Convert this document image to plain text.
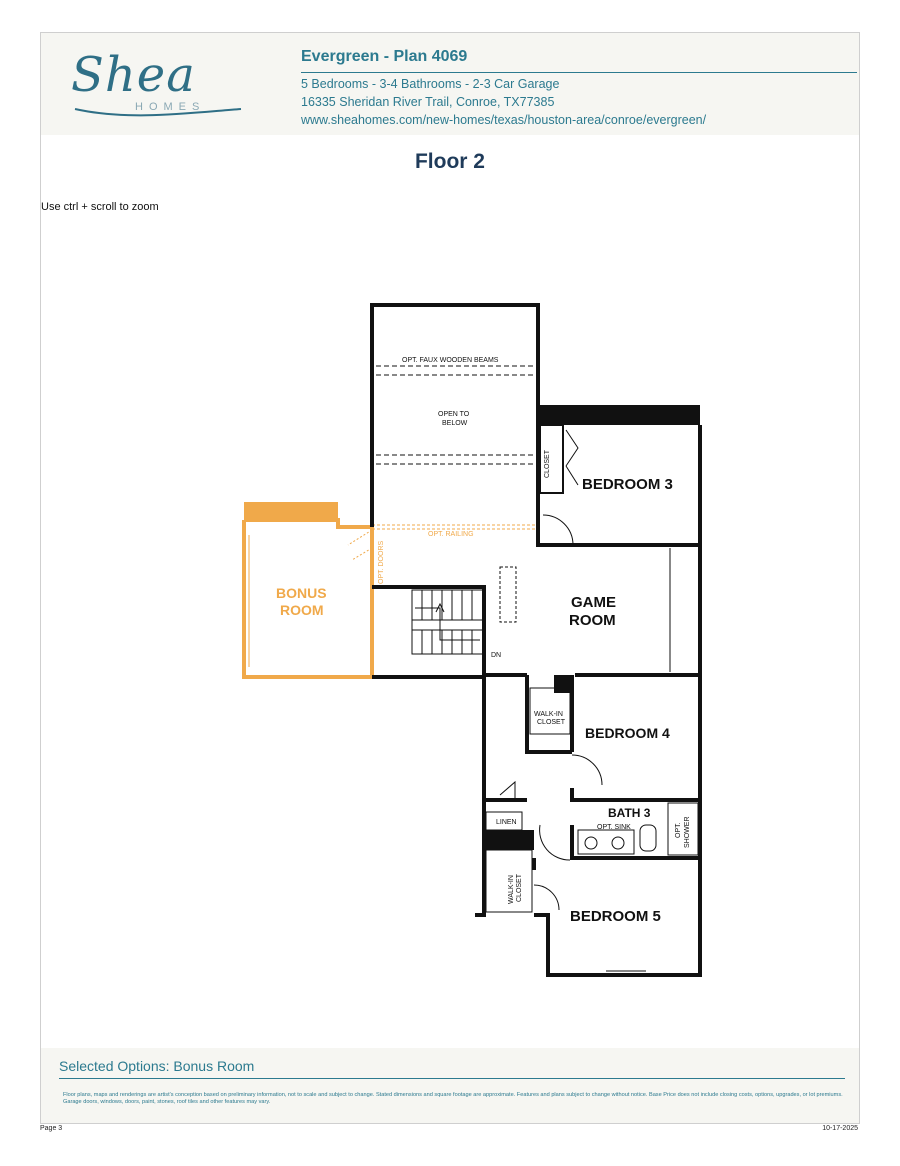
Shea
HOMES
Evergreen - Plan 4069
5 Bedrooms - 3-4 Bathrooms - 2-3 Car Garage
16335 Sheridan River Trail, Conroe, TX77385
www.sheahomes.com/new-homes/texas/houston-area/conroe/evergreen/
Floor 2
Use ctrl + scroll to zoom
Selected Options: Bonus Room
Floor plans, maps and renderings are artist's conception based on preliminary information, not to scale and subject to change. Stated dimensions and square footage are approximate. Features and plans subject to change without notice. Base Price does not include closing costs, options, upgrades, or lot premiums. Garage doors, windows, doors, paint, stones, roof tiles and other features may vary.
BEDROOM 3
GAME
ROOM
BONUS
ROOM
BEDROOM 4
BATH 3
BEDROOM 5
OPT. FAUX WOODEN BEAMS
OPEN TO
BELOW
CLOSET
OPT. RAILING
OPT. DOORS
DN
WALK-IN
CLOSET
LINEN
OPT. SINK	OPT. SHOWER
WALK-IN CLOSET
Page 3	10-17-2025
